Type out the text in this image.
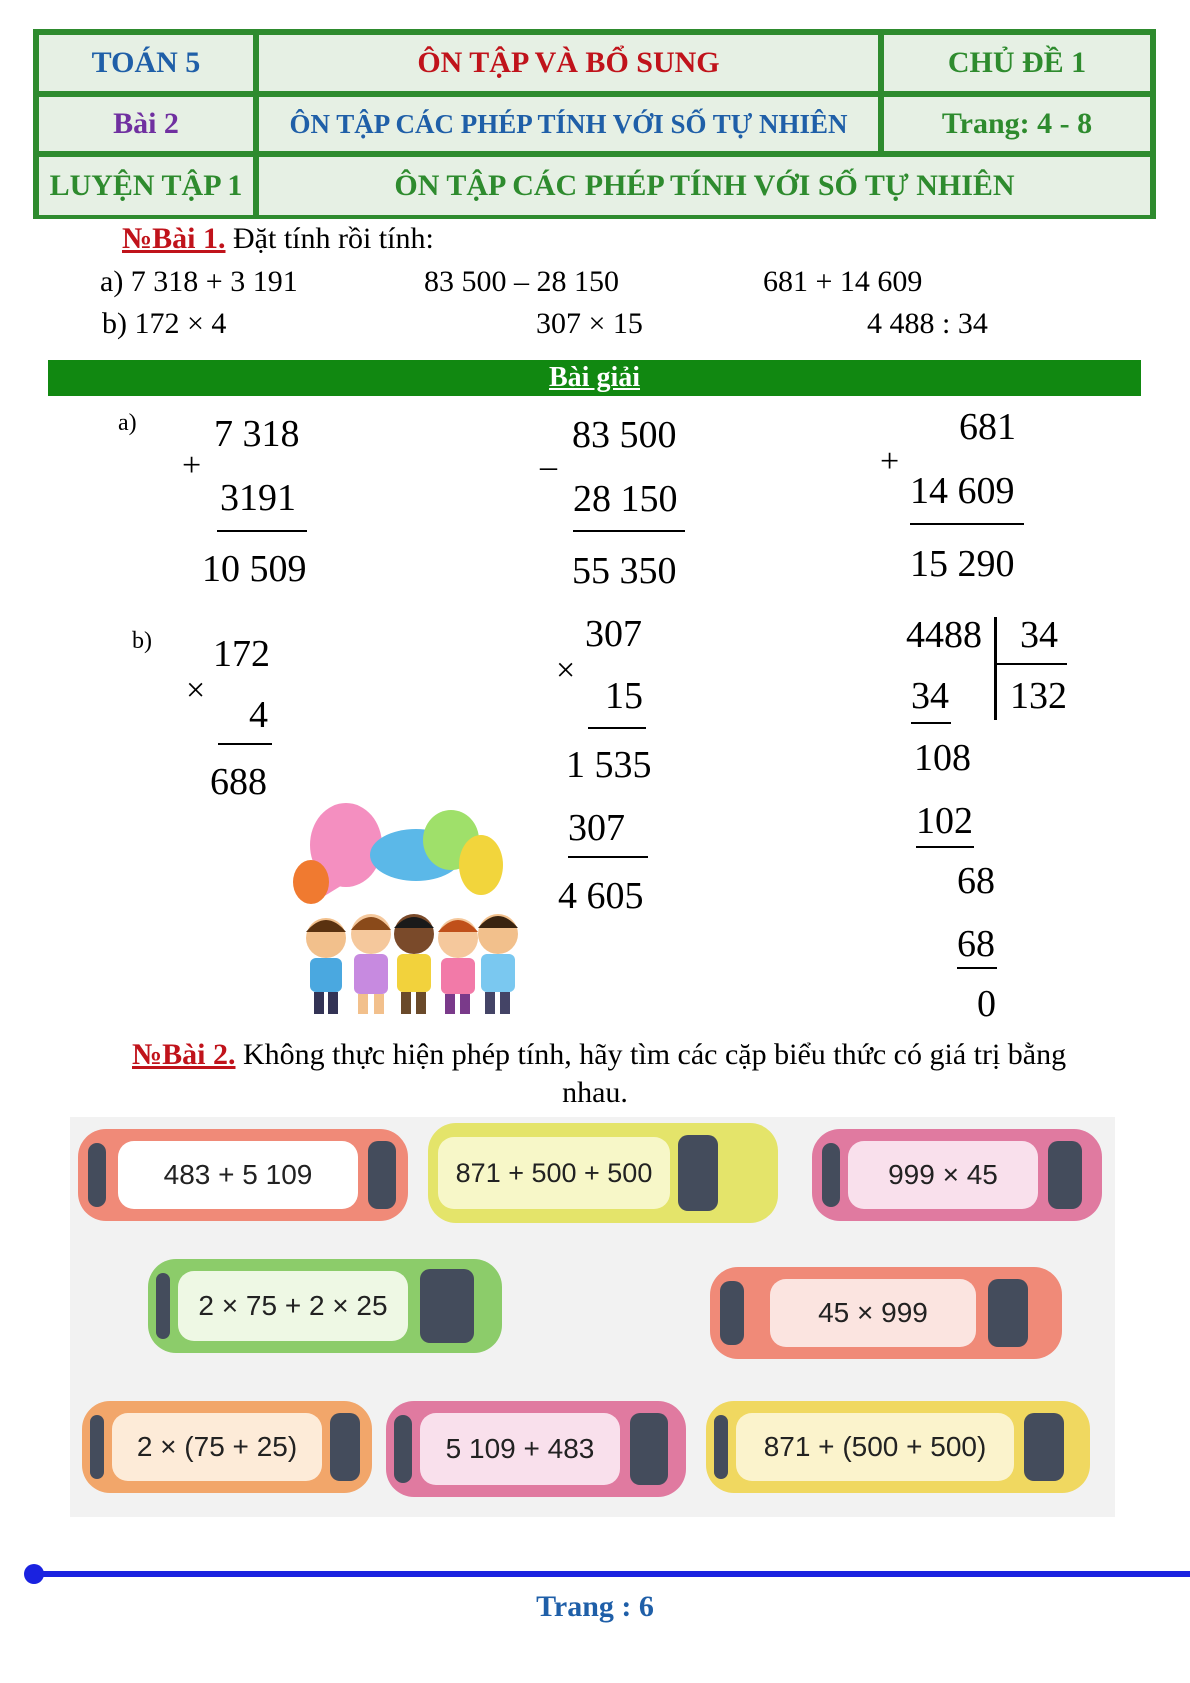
TOÁN 5	ÔN TẬP VÀ BỔ SUNG	CHỦ ĐỀ 1
Bài 2	ÔN TẬP CÁC PHÉP TÍNH VỚI SỐ TỰ NHIÊN	Trang: 4 - 8
LUYỆN TẬP 1	ÔN TẬP CÁC PHÉP TÍNH VỚI SỐ TỰ NHIÊN
№Bài 1. Đặt tính rồi tính:
a) 7 318 + 3 191	83 500 – 28 150	681 + 14 609
b) 172 × 4	307 × 15	4 488 : 34
Bài giải
a) 7 318
+
3191
10 509
83 500
–
28 150
55 350
681
+
14 609
15 290
b) 172
×
4
688
307
×
15
1 535
307
4 605
4488 34
132
34
108
102
68
68
0
№Bài 2. Không thực hiện phép tính, hãy tìm các cặp biểu thức có giá trị bằng
nhau.
483 + 5 109	871 + 500 + 500	999 × 45
2 × 75 + 2 × 25	45 × 999
2 × (75 + 25)	5 109 + 483	871 + (500 + 500)
Trang : 6
